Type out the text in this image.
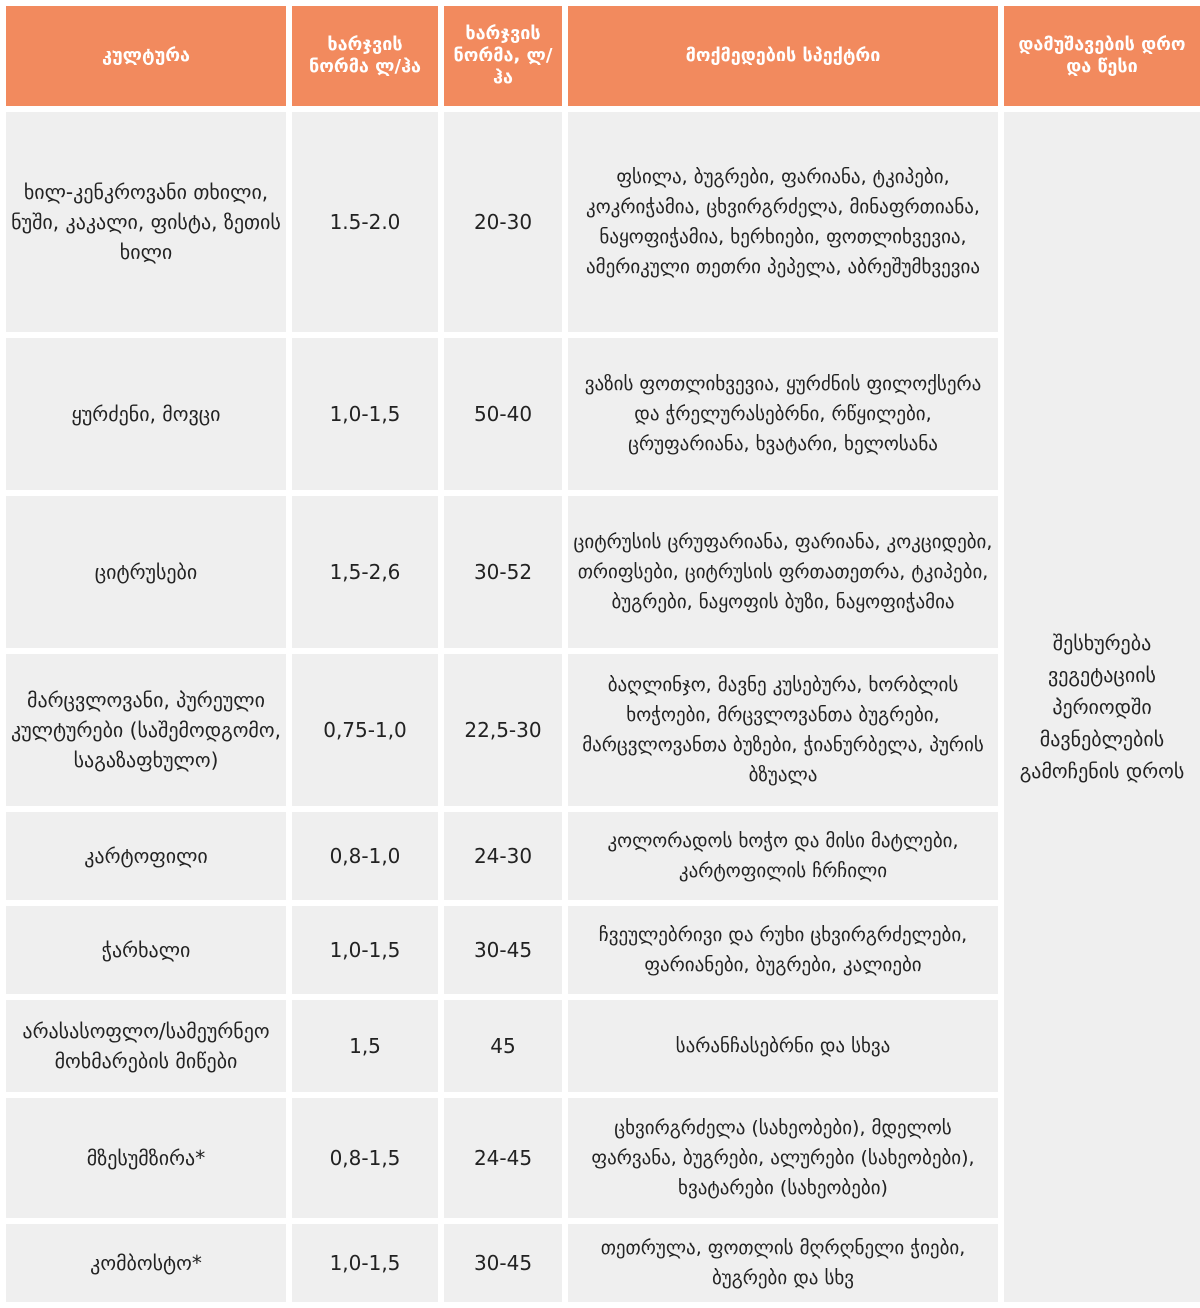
კულტურა	ხარჯვის ნორმა ლ/ჰა	ხარჯვის ნორმა, ლ/ჰა	მოქმედების სპექტრი	დამუშავების დრო და წესი
ხილ-კენკროვანი თხილი, ნუში, კაკალი, ფისტა, ზეთის ხილი	1.5-2.0	20-30	ფსილა, ბუგრები, ფარიანა, ტკიპები, კოკრიჭამია, ცხვირგრძელა, მინაფრთიანა, ნაყოფიჭამია, ხერხიები, ფოთლიხვევია, ამერიკული თეთრი პეპელა, აბრეშუმხვევია	შესხურება ვეგეტაციის პერიოდში მავნებლების გამოჩენის დროს
ყურძენი, მოვცი	1,0-1,5	50-40	ვაზის ფოთლიხვევია, ყურძნის ფილოქსერა და ჭრელურასებრნი, რწყილები, ცრუფარიანა, ხვატარი, ხელოსანა	
ციტრუსები	1,5-2,6	30-52	ციტრუსის ცრუფარიანა, ფარიანა, კოკციდები, თრიფსები, ციტრუსის ფრთათეთრა, ტკიპები, ბუგრები, ნაყოფის ბუზი, ნაყოფიჭამია	
მარცვლოვანი, პურეული კულტურები (საშემოდგომო, საგაზაფხულო)	0,75-1,0	22,5-30	ბაღლინჯო, მავნე კუსებურა, ხორბლის ხოჭოები, მრცვლოვანთა ბუგრები, მარცვლოვანთა ბუზები, ჭიანურბელა, პურის ბზუალა	
კარტოფილი	0,8-1,0	24-30	კოლორადოს ხოჭო და მისი მატლები, კარტოფილის ჩრჩილი	
ჭარხალი	1,0-1,5	30-45	ჩვეულებრივი და რუხი ცხვირგრძელები, ფარიანები, ბუგრები, კალიები	
არასასოფლო/სამეურნეო მოხმარების მიწები	1,5	45	სარანჩასებრნი და სხვა	
მზესუმზირა*	0,8-1,5	24-45	ცხვირგრძელა (სახეობები), მდელოს ფარვანა, ბუგრები, ალურები (სახეობები), ხვატარები (სახეობები)	
კომბოსტო*	1,0-1,5	30-45	თეთრულა, ფოთლის მღრღნელი ჭიები, ბუგრები და სხვ	
